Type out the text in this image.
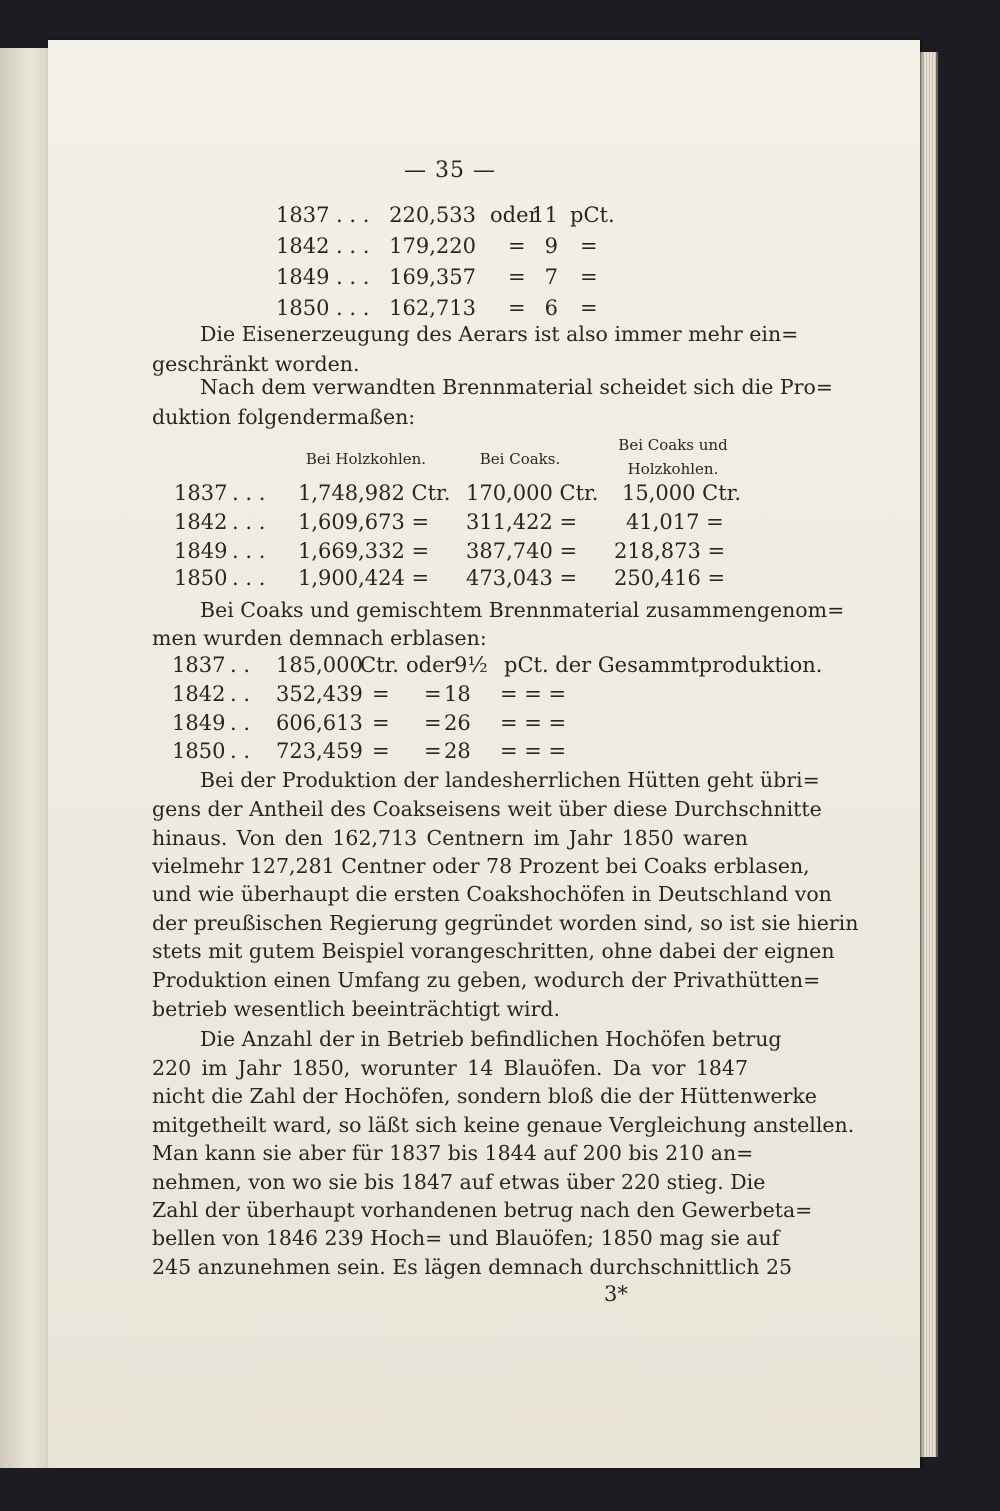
— 35 —
1837 . . . 220,533 oder
11 pCt.
1842 . . . 179,220 = 9 =
1849 . . . 169,357 = 7 =
1850 . . . 162,713 = 6 =
Die Eisenerzeugung des Aerars ist also immer mehr ein=
geschränkt worden.
Nach dem verwandten Brennmaterial scheidet sich die Pro=
duktion folgendermaßen:
Bei Holzkohlen.	Bei Coaks.
Bei Coaks und
Holzkohlen.
1837 . . . 1,748,982 Ctr. 170,000 Ctr. 15,000 Ctr.
1842 . . . 1,609,673 = 311,422 = 41,017 =
1849 . . . 1,669,332 = 387,740 = 218,873 =
1850 . . . 1,900,424 = 473,043 = 250,416 =
Bei Coaks und gemischtem Brennmaterial zusammengenom=
men wurden demnach erblasen:
1837 . . 185,000
Ctr. oder 9½ pCt. der Gesammtproduktion.
1842 . . 352,439 = = 18 = = =
1849 . . 606,613 = = 26 = = =
1850 . . 723,459 = = 28 = = =
Bei der Produktion der landesherrlichen Hütten geht übri=
gens der Antheil des Coakseisens weit über diese Durchschnitte
hinaus. Von den 162,713 Centnern im Jahr 1850 waren
vielmehr 127,281 Centner oder 78 Prozent bei Coaks erblasen,
und wie überhaupt die ersten Coakshochöfen in Deutschland von
der preußischen Regierung gegründet worden sind, so ist sie hierin
stets mit gutem Beispiel vorangeschritten, ohne dabei der eignen
Produktion einen Umfang zu geben, wodurch der Privathütten=
betrieb wesentlich beeinträchtigt wird.
Die Anzahl der in Betrieb befindlichen Hochöfen betrug
220 im Jahr 1850, worunter 14 Blauöfen. Da vor 1847
nicht die Zahl der Hochöfen, sondern bloß die der Hüttenwerke
mitgetheilt ward, so läßt sich keine genaue Vergleichung anstellen.
Man kann sie aber für 1837 bis 1844 auf 200 bis 210 an=
nehmen, von wo sie bis 1847 auf etwas über 220 stieg. Die
Zahl der überhaupt vorhandenen betrug nach den Gewerbeta=
bellen von 1846 239 Hoch= und Blauöfen; 1850 mag sie auf
245 anzunehmen sein. Es lägen demnach durchschnittlich 25
3*
